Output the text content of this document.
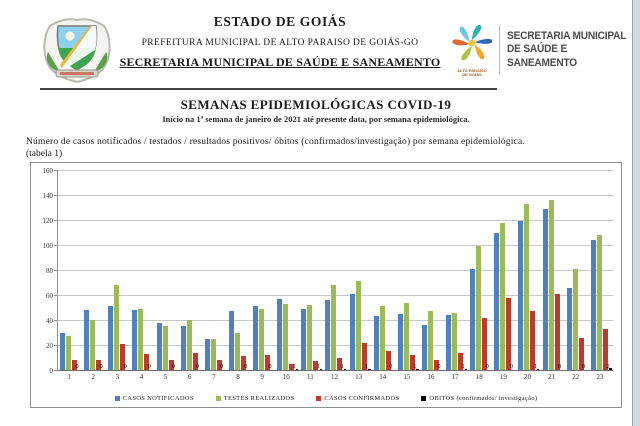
ESTADO DE GOIÁS
PREFEITURA MUNICIPAL DE ALTO PARAISO DE GOIÁS-GO
SECRETARIA MUNICIPAL DE SAÚDE E SANEAMENTO
ALTO PARAÍSO
DE GOIÁS
SECRETARIA MUNICIPAL
DE SAÚDE E
SANEAMENTO
SEMANAS EPIDEMIOLÓGICAS COVID-19
Início na 1ª semana de janeiro de 2021 até presente data, por semana epidemiológica.
Número de casos notificados / testados / resultados positivos/ óbitos (confirmados/investigação) por semana epidemiológica.
(tabela 1)
0
20
40
60
80
100
120
140
160
0	0	0	0	0	0	0	0	0	1	1	1	1	0	1	0	1	0	0	1	0	0	2
1	2	3	4	5	6	7	8	9	10	11	12	13	14	15	16	17	18	19	20	21	22	23
CASOS NOTIFICADOS	TESTES REALIZADOS	CASOS CONFIRMADOS	OBITOS (confirmados/ investigação)
